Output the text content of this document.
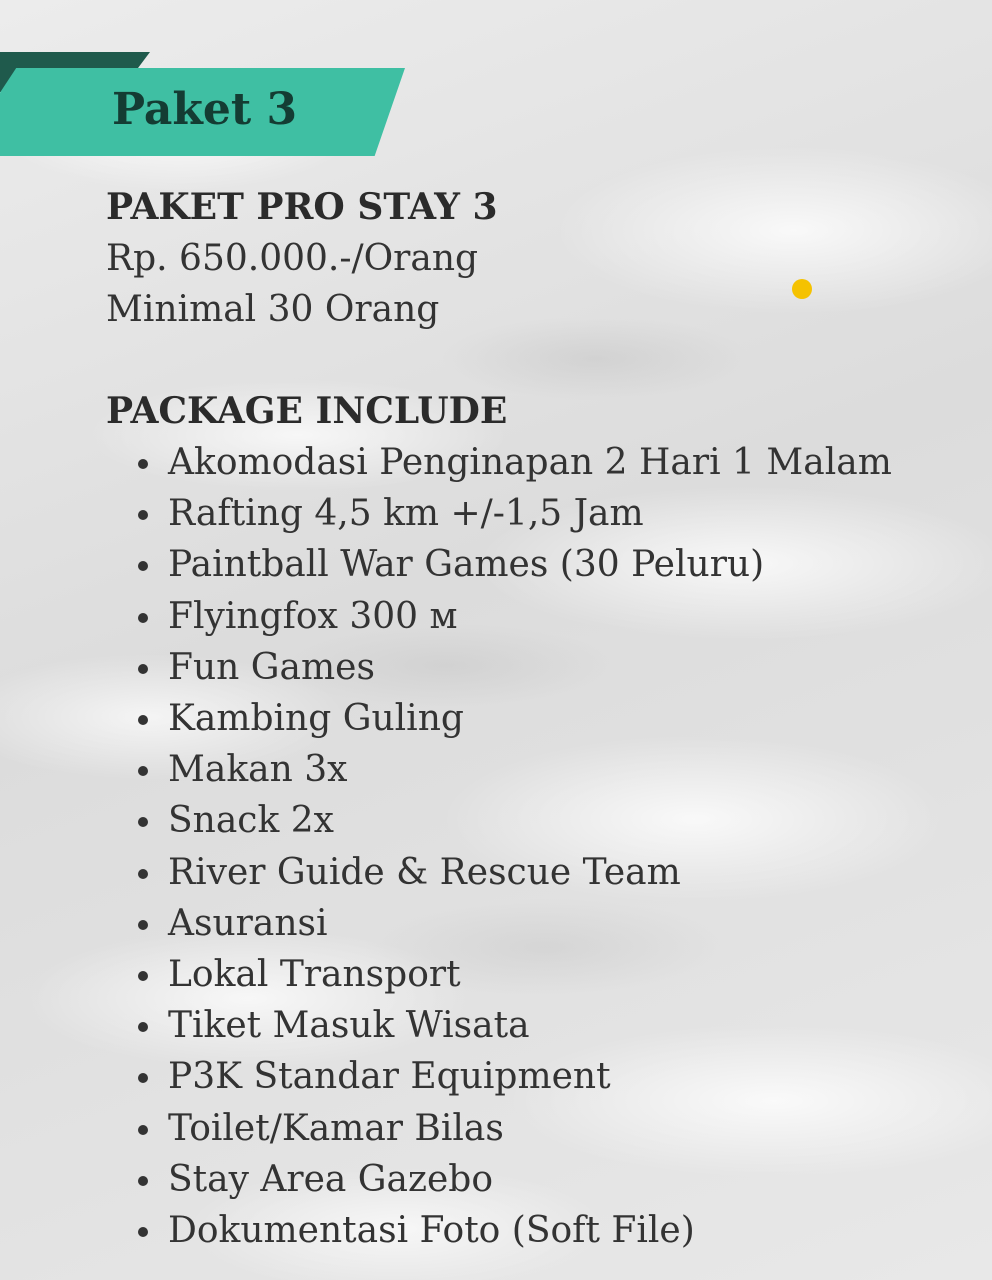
Paket 3
PAKET PRO STAY 3
Rp. 650.000.-/Orang
Minimal 30 Orang
PACKAGE INCLUDE
Akomodasi Penginapan 2 Hari 1 Malam
Rafting 4,5 km +/-1,5 Jam
Paintball War Games (30 Peluru)
Flyingfox 300 м
Fun Games
Kambing Guling
Makan 3x
Snack 2x
River Guide & Rescue Team
Asuransi
Lokal Transport
Tiket Masuk Wisata
P3K Standar Equipment
Toilet/Kamar Bilas
Stay Area Gazebo
Dokumentasi Foto (Soft File)
